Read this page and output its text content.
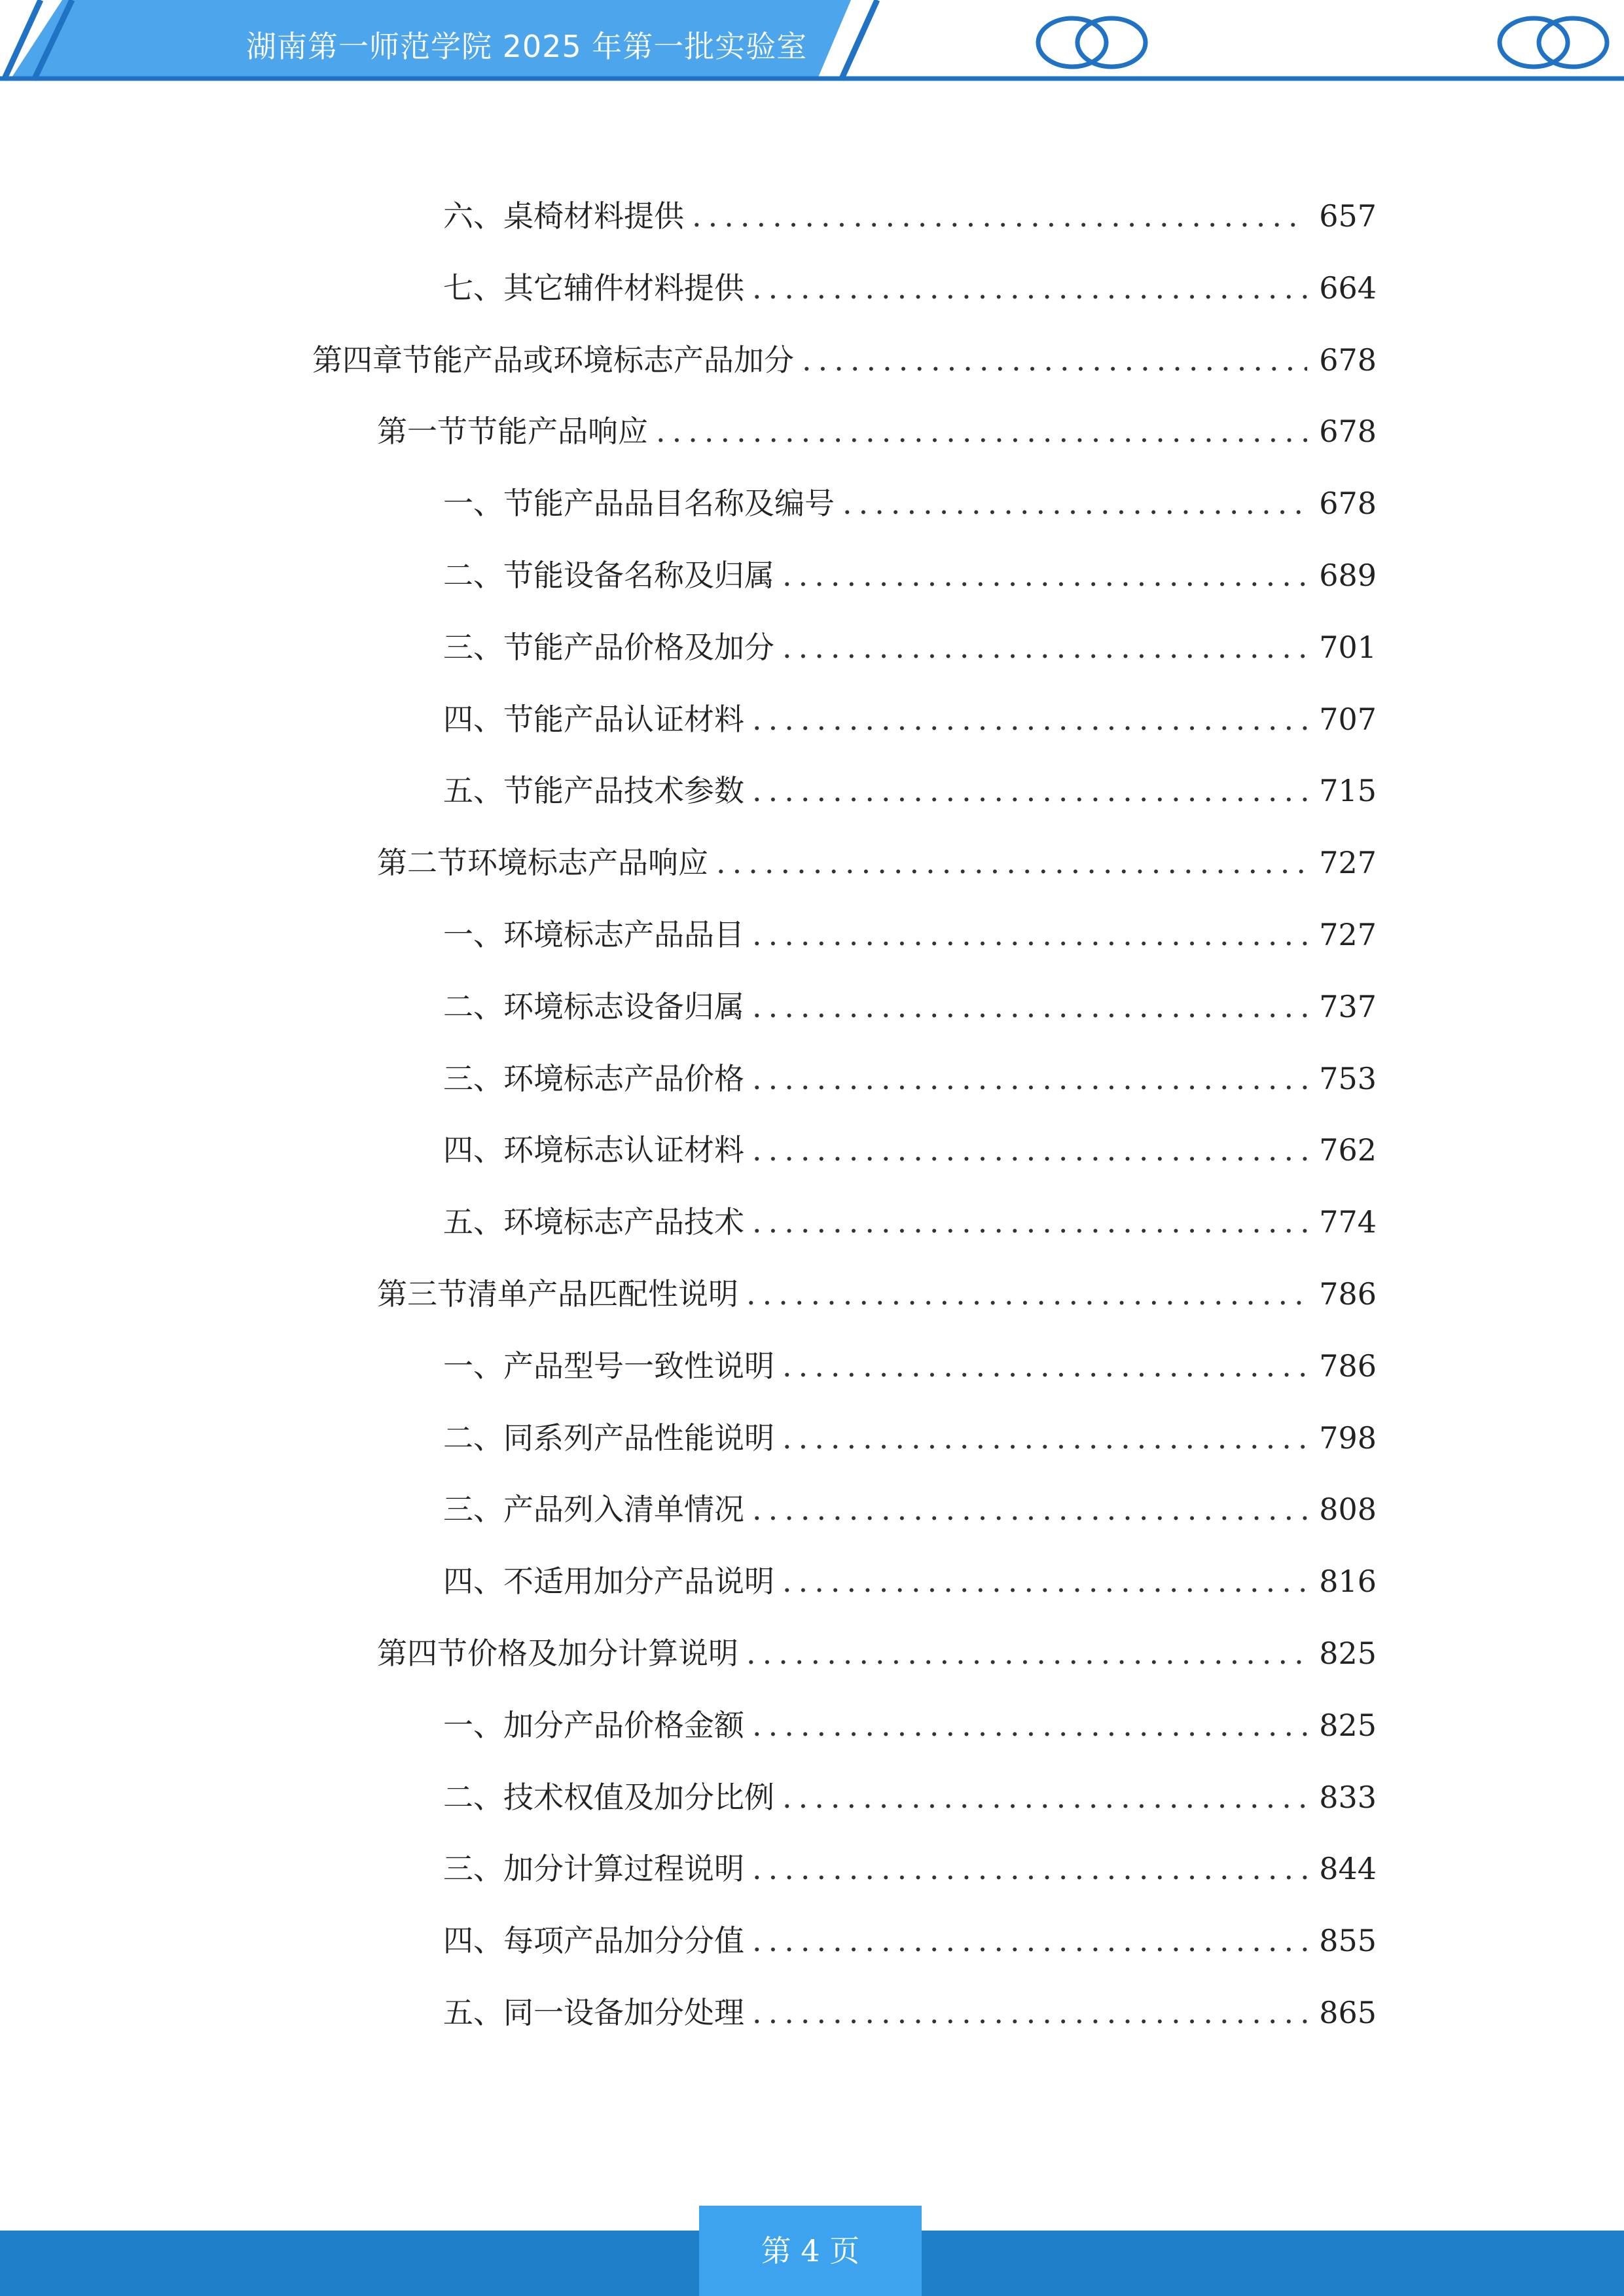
湖南第一师范学院 2025 年第一批实验室
六、 桌椅材料提供 .....	657
七、 其它辅件材料提供 .....	664
第四章 节能产品或环境标志产品加分 .....	678
第一节 节能产品响应 .....	678
一、 节能产品品目名称及编号 .....	678
二、 节能设备名称及归属 .....	689
三、 节能产品价格及加分 .....	701
四、 节能产品认证材料 .....	707
五、 节能产品技术参数 .....	715
第二节 环境标志产品响应 .....	727
一、 环境标志产品品目 .....	727
二、 环境标志设备归属 .....	737
三、 环境标志产品价格 .....	753
四、 环境标志认证材料 .....	762
五、 环境标志产品技术 .....	774
第三节 清单产品匹配性说明 .....	786
一、 产品型号一致性说明 .....	786
二、 同系列产品性能说明 .....	798
三、 产品列入清单情况 .....	808
四、 不适用加分产品说明 .....	816
第四节 价格及加分计算说明 .....	825
一、 加分产品价格金额 .....	825
二、 技术权值及加分比例 .....	833
三、 加分计算过程说明 .....	844
四、 每项产品加分分值 .....	855
五、 同一设备加分处理 .....	865
第 4 页
